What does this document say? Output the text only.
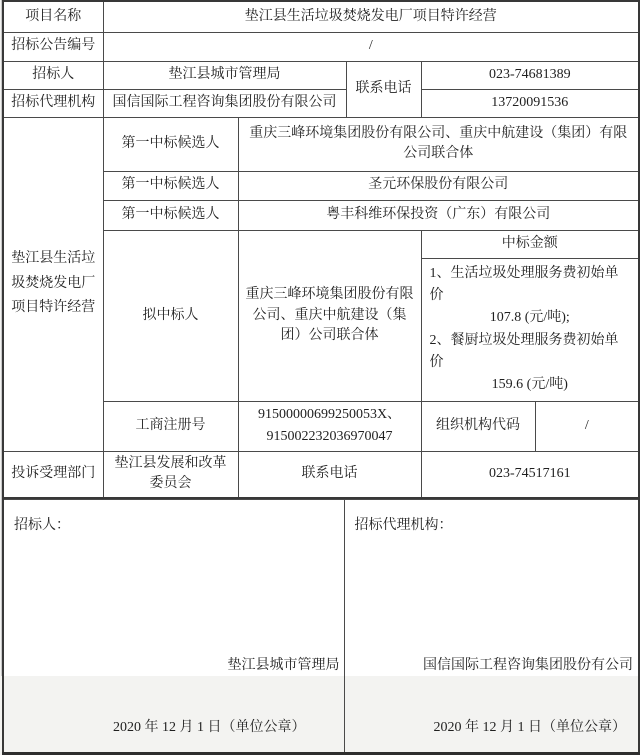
项目名称	垫江县生活垃圾焚烧发电厂项目特许经营				
招标公告编号	/				
招标人	垫江县城市管理局		联系电话	023-74681389	
招标代理机构	国信国际工程咨询集团股份有限公司			13720091536	
垫江县生活垃圾焚烧发电厂项目特许经营	第一中标候选人	重庆三峰环境集团股份有限公司、重庆中航建设（集团）有限公司联合体			
	第一中标候选人	圣元环保股份有限公司			
	第一中标候选人	粤丰科维环保投资（广东）有限公司			
	拟中标人	重庆三峰环境集团股份有限公司、重庆中航建设（集团）公司联合体		中标金额	

				1、生活垃圾处理服务费初始单价
107.8 (元/吨);
2、餐厨垃圾处理服务费初始单价
159.6 (元/吨)	

	工商注册号	91500000699250053X、915002232036970047		组织机构代码	/
投诉受理部门	垫江县发展和改革委员会	联系电话		023-74517161	
招标人：
垫江县城市管理局
2020 年 12 月 1 日（单位公章）

招标代理机构：
国信国际工程咨询集团股份有公司
2020 年 12 月 1 日（单位公章）
